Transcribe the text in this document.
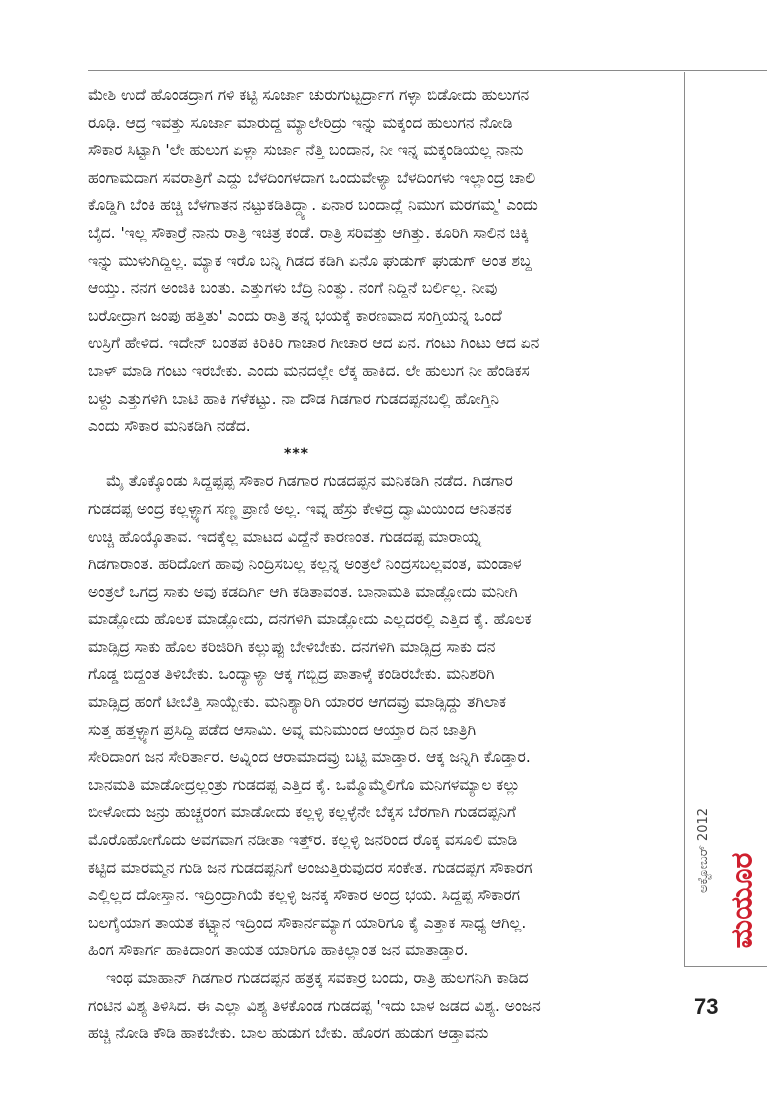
ಮೇಶಿ ಉದೆ ಹೊಂಡದ್ರಾಗ ಗಳಿ ಕಟ್ಟಿ ಸೂರ್ಜಾ ಚುರುಗುಟ್ಟರ್ದ್ರಾಗ ಗಳ್ಳಾ ಬಿಡೋದು ಹುಲುಗನ
ರೂಢಿ. ಆದ್ರ ಇವತ್ತು ಸೂರ್ಜಾ ಮಾರುದ್ದ ಮ್ಯಾಲೇರಿದ್ರು ಇನ್ನು ಮಕ್ಕಂದ ಹುಲುಗನ ನೋಡಿ
ಸೌಕಾರ ಸಿಟ್ಟಾಗಿ 'ಲೇ ಹುಲುಗ ಏಳ್ಲಾ ಸುರ್ಜಾ ನೆತ್ತಿ ಬಂದಾನ, ನೀ ಇನ್ನ ಮಕ್ಕಂಡಿಯಲ್ಲ ನಾನು
ಹಂಗಾಮದಾಗ ಸವರಾತ್ರಿಗೆ ಎದ್ದು ಬೆಳದಿಂಗಳದಾಗ ಒಂದುವೇಳ್ಯಾ ಬೆಳದಿಂಗಳು ಇಲ್ಲಾಂದ್ರ ಚಾಲಿ
ಕೊಡ್ಡಿಗಿ ಬೆಂಕಿ ಹಚ್ಚಿ ಬೆಳಗಾತನ ನಟ್ಟುಕಡಿತಿದ್ದ್ಯಾ. ಏನಾರ ಬಂದಾದ್ಲೆ ನಿಮುಗ ಮರಗಮ್ಮ' ಎಂದು
ಬೈದ. 'ಇಲ್ಲ ಸೌಕಾರ್ರೆ ನಾನು ರಾತ್ರಿ ಇಚಿತ್ರ ಕಂಡೆ. ರಾತ್ರಿ ಸರಿವತ್ತು ಆಗಿತ್ತು. ಕೂರಿಗಿ ಸಾಲಿನ ಚಿಕ್ಕಿ
ಇನ್ನು ಮುಳುಗಿದ್ದಿಲ್ಲ. ಮ್ಯಾಕ ಇರೊ ಬನ್ನಿ ಗಿಡದ ಕಡಿಗಿ ಏನೊ ಘುಡುಗ್ ಘುಡುಗ್ ಅಂತ ಶಬ್ದ
ಆಯ್ತು. ನನಗ ಅಂಜಿಕಿ ಬಂತು. ಎತ್ತುಗಳು ಬೆದ್ರಿ ನಿಂತ್ವು. ನಂಗೆ ನಿದ್ದಿನೆ ಬರ್ಲಿಲ್ಲ. ನೀವು
ಬರೋದ್ರಾಗ ಜಂಪು ಹತ್ತಿತು' ಎಂದು ರಾತ್ರಿ ತನ್ನ ಭಯಕ್ಕೆ ಕಾರಣವಾದ ಸಂಗ್ತಿಯನ್ನ ಒಂದೆ
ಉಸ್ರಿಗೆ ಹೇಳಿದ. ಇದೇನ್ ಬಂತಪ ಕಿರಿಕಿರಿ ಗಾಚಾರ ಗೀಚಾರ ಆದ ಏನ. ಗಂಟು ಗಿಂಟು ಆದ ಏನ
ಬಾಳ್ ಮಾಡಿ ಗಂಟು ಇರಬೇಕು. ಎಂದು ಮನದಲ್ಲೇ ಲೆಕ್ಕ ಹಾಕಿದ. ಲೇ ಹುಲುಗ ನೀ ಹೆಂಡಿಕಸ
ಬಳ್ದು ಎತ್ತುಗಳಿಗಿ ಬಾಟಿ ಹಾಕಿ ಗಳೆಕಟ್ಟು. ನಾ ದೌಡ ಗಿಡಗಾರ ಗುಡದಪ್ಪನಬಲ್ಲಿ ಹೋಗ್ತಿನಿ
ಎಂದು ಸೌಕಾರ ಮನಿಕಡಿಗಿ ನಡೆದ.
***
ಮೈ ತೊಕ್ಕೊಂಡು ಸಿದ್ದಪ್ಪಪ್ಪ ಸೌಕಾರ ಗಿಡಗಾರ ಗುಡದಪ್ಪನ ಮನಿಕಡಿಗಿ ನಡೆದ. ಗಿಡಗಾರ
ಗುಡದಪ್ಪ ಅಂದ್ರ ಕಲ್ಲಳ್ಳ್ಯಾಗ ಸಣ್ಣ ಪ್ರಾಣಿ ಅಲ್ಲ. ಇವ್ನ ಹೆಸ್ರು ಕೇಳಿದ್ರ ದ್ವಾಮಿಯಿಂದ ಆನಿತನಕ
ಉಚ್ಚಿ ಹೊಯ್ಕೊತಾವ. ಇದಕ್ಕೆಲ್ಲ ಮಾಟದ ವಿದ್ದೆನೆ ಕಾರಣಂತ. ಗುಡದಪ್ಪ ಮಾರಾಯ್ನ
ಗಿಡಗಾರಾಂತ. ಹರಿದೋಗ ಹಾವು ನಿಂದ್ರಿಸಬಲ್ಲ ಕಲ್ಲನ್ನ ಅಂತ್ರಲೆ ನಿಂದ್ರಸಬಲ್ಲವಂತ, ಮಂಡಾಳ
ಅಂತ್ರಲೆ ಒಗದ್ರ ಸಾಕು ಅವು ಕಡದಿರ್ಗಿ ಆಗಿ ಕಡಿತಾವಂತ. ಬಾನಾಮತಿ ಮಾಡ್ಲೋದು ಮನೀಗಿ
ಮಾಡ್ಲೋದು ಹೊಲಕ ಮಾಡ್ಲೋದು, ದನಗಳಿಗಿ ಮಾಡ್ಲೋದು ಎಲ್ಲದರಲ್ಲಿ ಎತ್ತಿದ ಕೈ. ಹೊಲಕ
ಮಾಡ್ಸಿದ್ರ ಸಾಕು ಹೊಲ ಕರಿಜಿರಿಗಿ ಕಲ್ಲುಪ್ಪು ಬೇಳಿಬೇಕು. ದನಗಳಿಗಿ ಮಾಡ್ಸಿದ್ರ ಸಾಕು ದನ
ಗೊಡ್ಡ ಬಿದ್ದಂತ ತಿಳಿಬೇಕು. ಒಂದ್ಯಾಳ್ಯಾ ಆಕ್ಕ ಗಬ್ಬಿದ್ರ ಪಾತಾಳ್ಕೆ ಕಂಡಿರಬೇಕು. ಮನಿಶರಿಗಿ
ಮಾಡ್ಸಿದ್ರ ಹಂಗೆ ಟೀಬೆತ್ತಿ ಸಾಯ್ಬೇಕು. ಮನಿಶ್ಯಾರಿಗಿ ಯಾರರ ಆಗದವ್ರು ಮಾಡ್ಸಿದ್ದು ತಗಿಲಾಕ
ಸುತ್ತ ಹತ್ತಳ್ಳ್ಯಾಗ ಪ್ರಸಿದ್ದಿ ಪಡೆದ ಆಸಾಮಿ. ಅವ್ನ ಮನಿಮುಂದ ಆಯ್ತಾರ ದಿನ ಜಾತ್ರಿಗಿ
ಸೇರಿದಾಂಗ ಜನ ಸೇರಿರ್ತಾರ. ಅವ್ನಿಂದ ಆರಾಮಾದವ್ರು ಬಟ್ಟಿ ಮಾಡ್ತಾರ. ಆಕ್ಕ ಜನ್ನಿಗಿ ಕೊಡ್ತಾರ.
ಬಾನಮತಿ ಮಾಡೋದ್ರಲ್ಲಂತ್ರು ಗುಡದಪ್ಪ ಎತ್ತಿದ ಕೈ. ಒಮ್ಮೊಮ್ಮೆಲಿಗೊ ಮನಿಗಳಮ್ಯಾಲ ಕಲ್ಲು
ಬೀಳೋದು ಜನ್ರು ಹುಚ್ಚರಂಗ ಮಾಡೋದು ಕಲ್ಲಳ್ಳಿ ಕಲ್ಲಳ್ಳೆನೇ ಬೆಕ್ಕಸ ಬೆರಗಾಗಿ ಗುಡದಪ್ಪನಿಗೆ
ಮೊರೊಹೋಗೊದು ಅವಗವಾಗ ನಡೀತಾ ಇತ್ತ್‌ರ. ಕಲ್ಲಳ್ಳಿ ಜನರಿಂದ ರೊಕ್ಕ ವಸೂಲಿ ಮಾಡಿ
ಕಟ್ಟಿದ ಮಾರಮ್ಮನ ಗುಡಿ ಜನ ಗುಡದಪ್ಪನಿಗೆ ಅಂಜುತ್ತಿರುವುದರ ಸಂಕೇತ. ಗುಡದಪ್ಪಗ ಸೌಕಾರಗ
ಎಲ್ಲಿಲ್ಲದ ದೋಸ್ತಾನ. ಇದ್ರಿಂದ್ರಾಗಿಯೆ ಕಲ್ಲಳ್ಳಿ ಜನಕ್ಕ ಸೌಕಾರ ಅಂದ್ರ ಭಯ. ಸಿದ್ದಪ್ಪ ಸೌಕಾರಗ
ಬಲಗೈಯಾಗ ತಾಯತ ಕಟ್ಟ್ಯಾನ ಇದ್ರಿಂದ ಸೌಕಾರ್ನಮ್ಯಾಗ ಯಾರಿಗೂ ಕೈ ಎತ್ತಾಕ ಸಾಧ್ಯ ಆಗಿಲ್ಲ.
ಹಿಂಗ ಸೌಕಾರ್ಗ ಹಾಕಿದಾಂಗ ತಾಯತ ಯಾರಿಗೂ ಹಾಕಿಲ್ಲಾಂತ ಜನ ಮಾತಾಡ್ತಾರ.
ಇಂಥ ಮಾಹಾನ್ ಗಿಡಗಾರ ಗುಡದಪ್ಪನ ಹತ್ರಕ್ಕ ಸವಕಾರ್ರ ಬಂದು, ರಾತ್ರಿ ಹುಲಗನಿಗಿ ಕಾಡಿದ
ಗಂಟಿನ ವಿಶ್ಯ ತಿಳಿಸಿದ. ಈ ಎಲ್ಲಾ ವಿಶ್ಯ ತಿಳಕೊಂಡ ಗುಡದಪ್ಪ 'ಇದು ಬಾಳ ಜಡದ ವಿಶ್ಯ. ಅಂಜನ
ಹಚ್ಚಿ ನೋಡಿ ಕೌಡಿ ಹಾಕಬೇಕು. ಬಾಲ ಹುಡುಗ ಬೇಕು. ಹೊರಗ ಹುಡುಗ ಆಡ್ತಾವನು
ಅಕ್ಟೋಬರ್ 2012
ಮಯೂರ
73
